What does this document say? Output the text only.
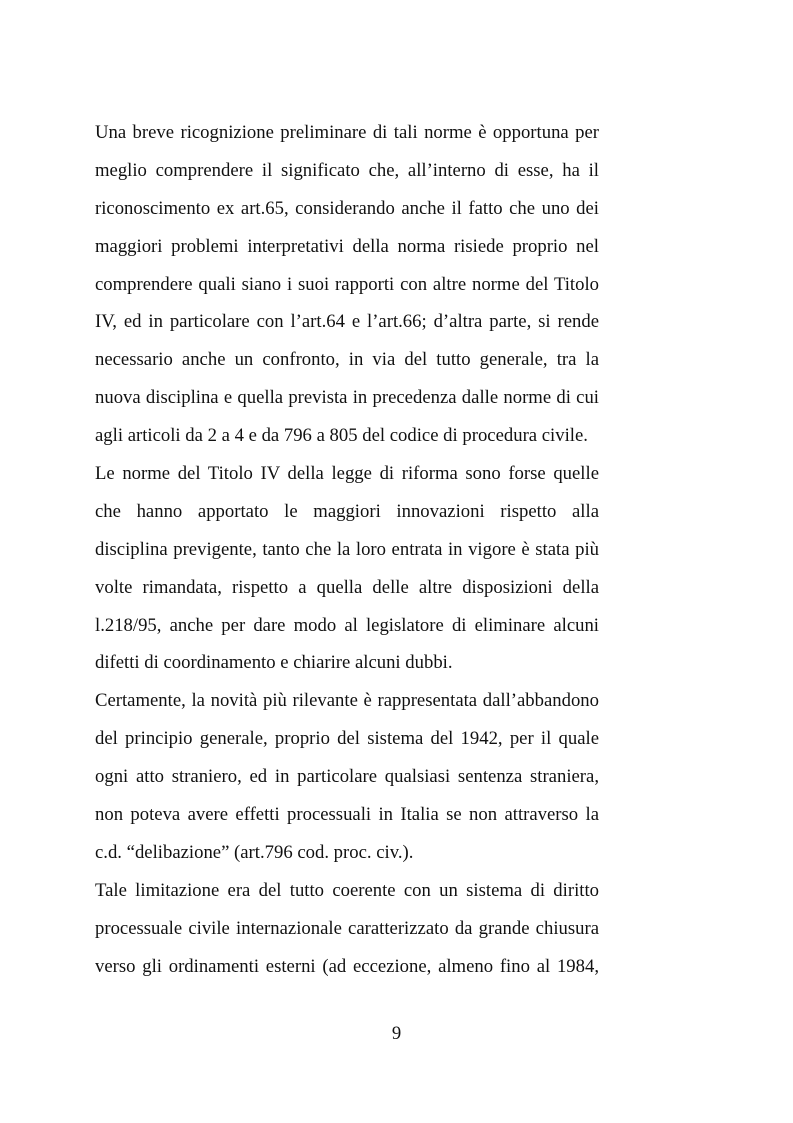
Una breve ricognizione preliminare di tali norme è opportuna per
meglio comprendere il significato che, all’interno di esse, ha il
riconoscimento ex art.65, considerando anche il fatto che uno dei
maggiori problemi interpretativi della norma risiede proprio nel
comprendere quali siano i suoi rapporti con altre norme del Titolo
IV, ed in particolare con l’art.64 e l’art.66; d’altra parte, si rende
necessario anche un confronto, in via del tutto generale, tra la
nuova disciplina e quella prevista in precedenza dalle norme di cui
agli articoli da 2 a 4 e da 796 a 805 del codice di procedura civile.
Le norme del Titolo IV della legge di riforma sono forse quelle
che hanno apportato le maggiori innovazioni rispetto alla
disciplina previgente, tanto che la loro entrata in vigore è stata più
volte rimandata, rispetto a quella delle altre disposizioni della
l.218/95, anche per dare modo al legislatore di eliminare alcuni
difetti di coordinamento e chiarire alcuni dubbi.
Certamente, la novità più rilevante è rappresentata dall’abbandono
del principio generale, proprio del sistema del 1942, per il quale
ogni atto straniero, ed in particolare qualsiasi sentenza straniera,
non poteva avere effetti processuali in Italia se non attraverso la
c.d. “delibazione” (art.796 cod. proc. civ.).
Tale limitazione era del tutto coerente con un sistema di diritto
processuale civile internazionale caratterizzato da grande chiusura
verso gli ordinamenti esterni (ad eccezione, almeno fino al 1984,
9
